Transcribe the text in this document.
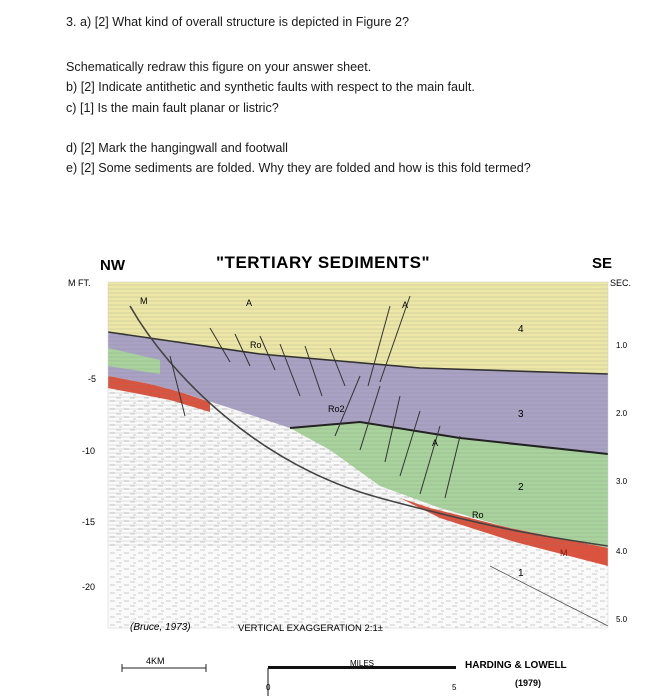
3. a) [2] What kind of overall structure is depicted in Figure 2?
Schematically redraw this figure on your answer sheet.
b) [2] Indicate antithetic and synthetic faults with respect to the main fault.
c) [1] Is the main fault planar or listric?
d) [2] Mark the hangingwall and footwall
e) [2] Some sediments are folded. Why they are folded and how is this fold termed?
NW	"TERTIARY SEDIMENTS"	SE
M FT.	SEC.
-5
-10
-15
-20
1.0
2.0
3.0
4.0
5.0
4
3
2
1
M	A	A
A
Ro
Ro2
Ro
M
(Bruce, 1973)	VERTICAL EXAGGERATION 2:1±
4KM	MILES
0	5
HARDING & LOWELL
(1979)
